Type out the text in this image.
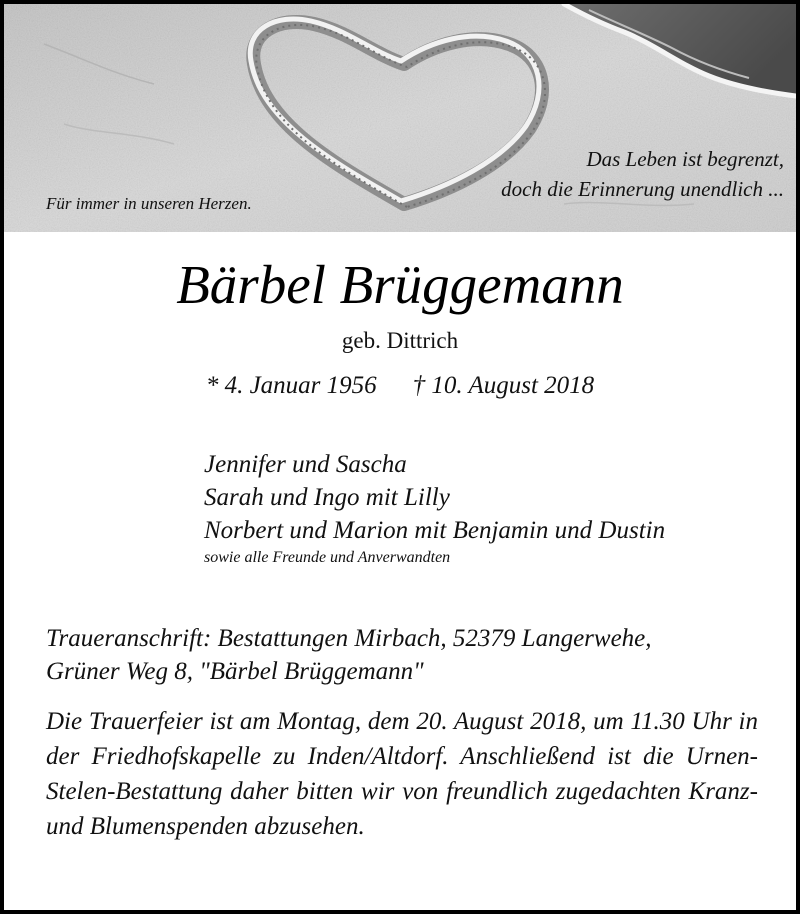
Für immer in unseren Herzen.
Das Leben ist begrenzt,
doch die Erinnerung unendlich ...
Bärbel Brüggemann
geb. Dittrich
* 4. Januar 1956 † 10. August 2018
Jennifer und Sascha
Sarah und Ingo mit Lilly
Norbert und Marion mit Benjamin und Dustin
sowie alle Freunde und Anverwandten
Traueranschrift: Bestattungen Mirbach, 52379 Langerwehe,
Grüner Weg 8, "Bärbel Brüggemann"
Die Trauerfeier ist am Montag, dem 20. August 2018, um 11.30 Uhr in der Friedhofskapelle zu Inden/Altdorf. Anschließend ist die Urnen-Stelen-Bestattung daher bitten wir von freundlich zugedachten Kranz- und Blumenspenden abzusehen.
